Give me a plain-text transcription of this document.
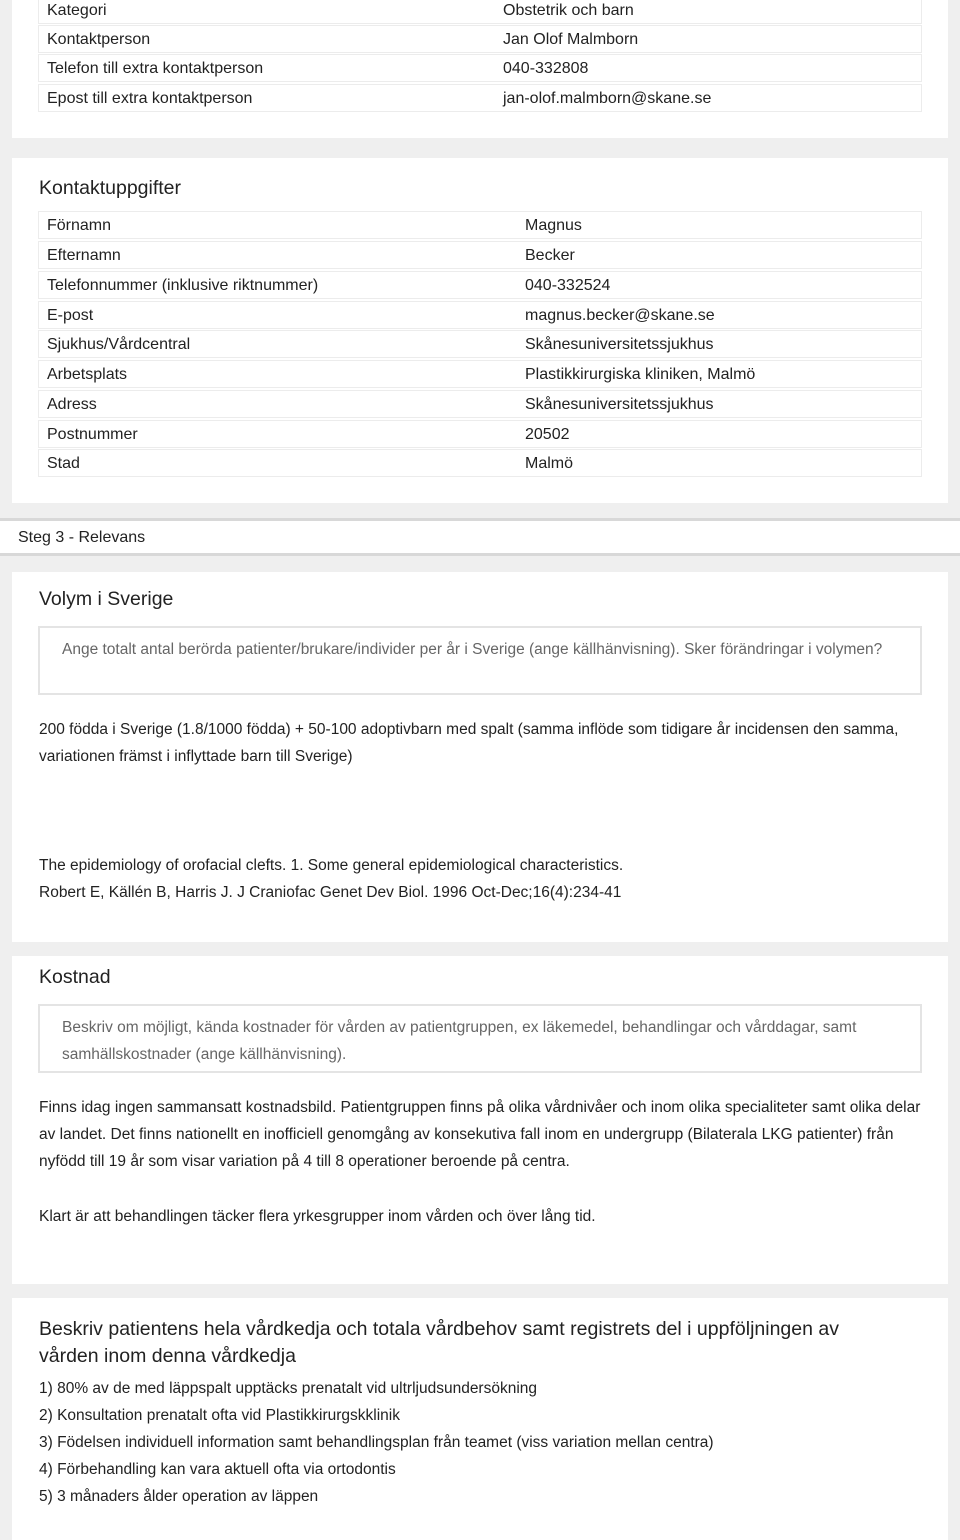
Kategori	Obstetrik och barn
Kontaktperson	Jan Olof Malmborn
Telefon till extra kontaktperson	040-332808
Epost till extra kontaktperson	jan-olof.malmborn@skane.se
Kontaktuppgifter
Förnamn	Magnus
Efternamn	Becker
Telefonnummer (inklusive riktnummer)	040-332524
E-post	magnus.becker@skane.se
Sjukhus/Vårdcentral	Skånesuniversitetssjukhus
Arbetsplats	Plastikkirurgiska kliniken, Malmö
Adress	Skånesuniversitetssjukhus
Postnummer	20502
Stad	Malmö
Steg 3 - Relevans
Volym i Sverige
Ange totalt antal berörda patienter/brukare/individer per år i Sverige (ange källhänvisning). Sker förändringar i volymen?
200 födda i Sverige (1.8/1000 födda) + 50-100 adoptivbarn med spalt (samma inflöde som tidigare år incidensen den samma, variationen främst i inflyttade barn till Sverige)
The epidemiology of orofacial clefts. 1. Some general epidemiological characteristics.
Robert E, Källén B, Harris J. J Craniofac Genet Dev Biol. 1996 Oct-Dec;16(4):234-41
Kostnad
Beskriv om möjligt, kända kostnader för vården av patientgruppen, ex läkemedel, behandlingar och vårddagar, samt samhällskostnader (ange källhänvisning).
Finns idag ingen sammansatt kostnadsbild. Patientgruppen finns på olika vårdnivåer och inom olika specialiteter samt olika delar av landet. Det finns nationellt en inofficiell genomgång av konsekutiva fall inom en undergrupp (Bilaterala LKG patienter) från nyfödd till 19 år som visar variation på 4 till 8 operationer beroende på centra.
Klart är att behandlingen täcker flera yrkesgrupper inom vården och över lång tid.
Beskriv patientens hela vårdkedja och totala vårdbehov samt registrets del i uppföljningen av vården inom denna vårdkedja
1) 80% av de med läppspalt upptäcks prenatalt vid ultrljudsundersökning
2) Konsultation prenatalt ofta vid Plastikkirurgskklinik
3) Födelsen individuell information samt behandlingsplan från teamet (viss variation mellan centra)
4) Förbehandling kan vara aktuell ofta via ortodontis
5) 3 månaders ålder operation av läppen
